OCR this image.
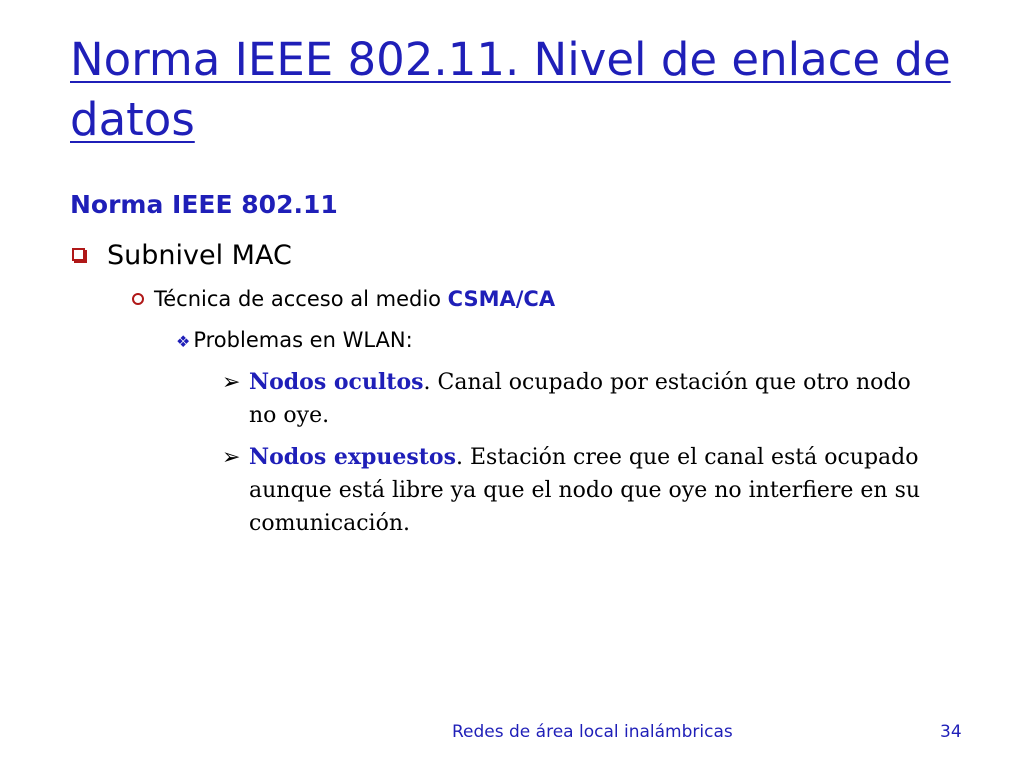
Norma IEEE 802.11. Nivel de enlace de datos
Norma IEEE 802.11
Subnivel MAC
Técnica de acceso al medio CSMA/CA
❖ Problemas en WLAN:
➢ Nodos ocultos. Canal ocupado por estación que otro nodo no oye.
➢ Nodos expuestos. Estación cree que el canal está ocupado aunque está libre ya que el nodo que oye no interfiere en su comunicación.
Redes de área local inalámbricas	34
